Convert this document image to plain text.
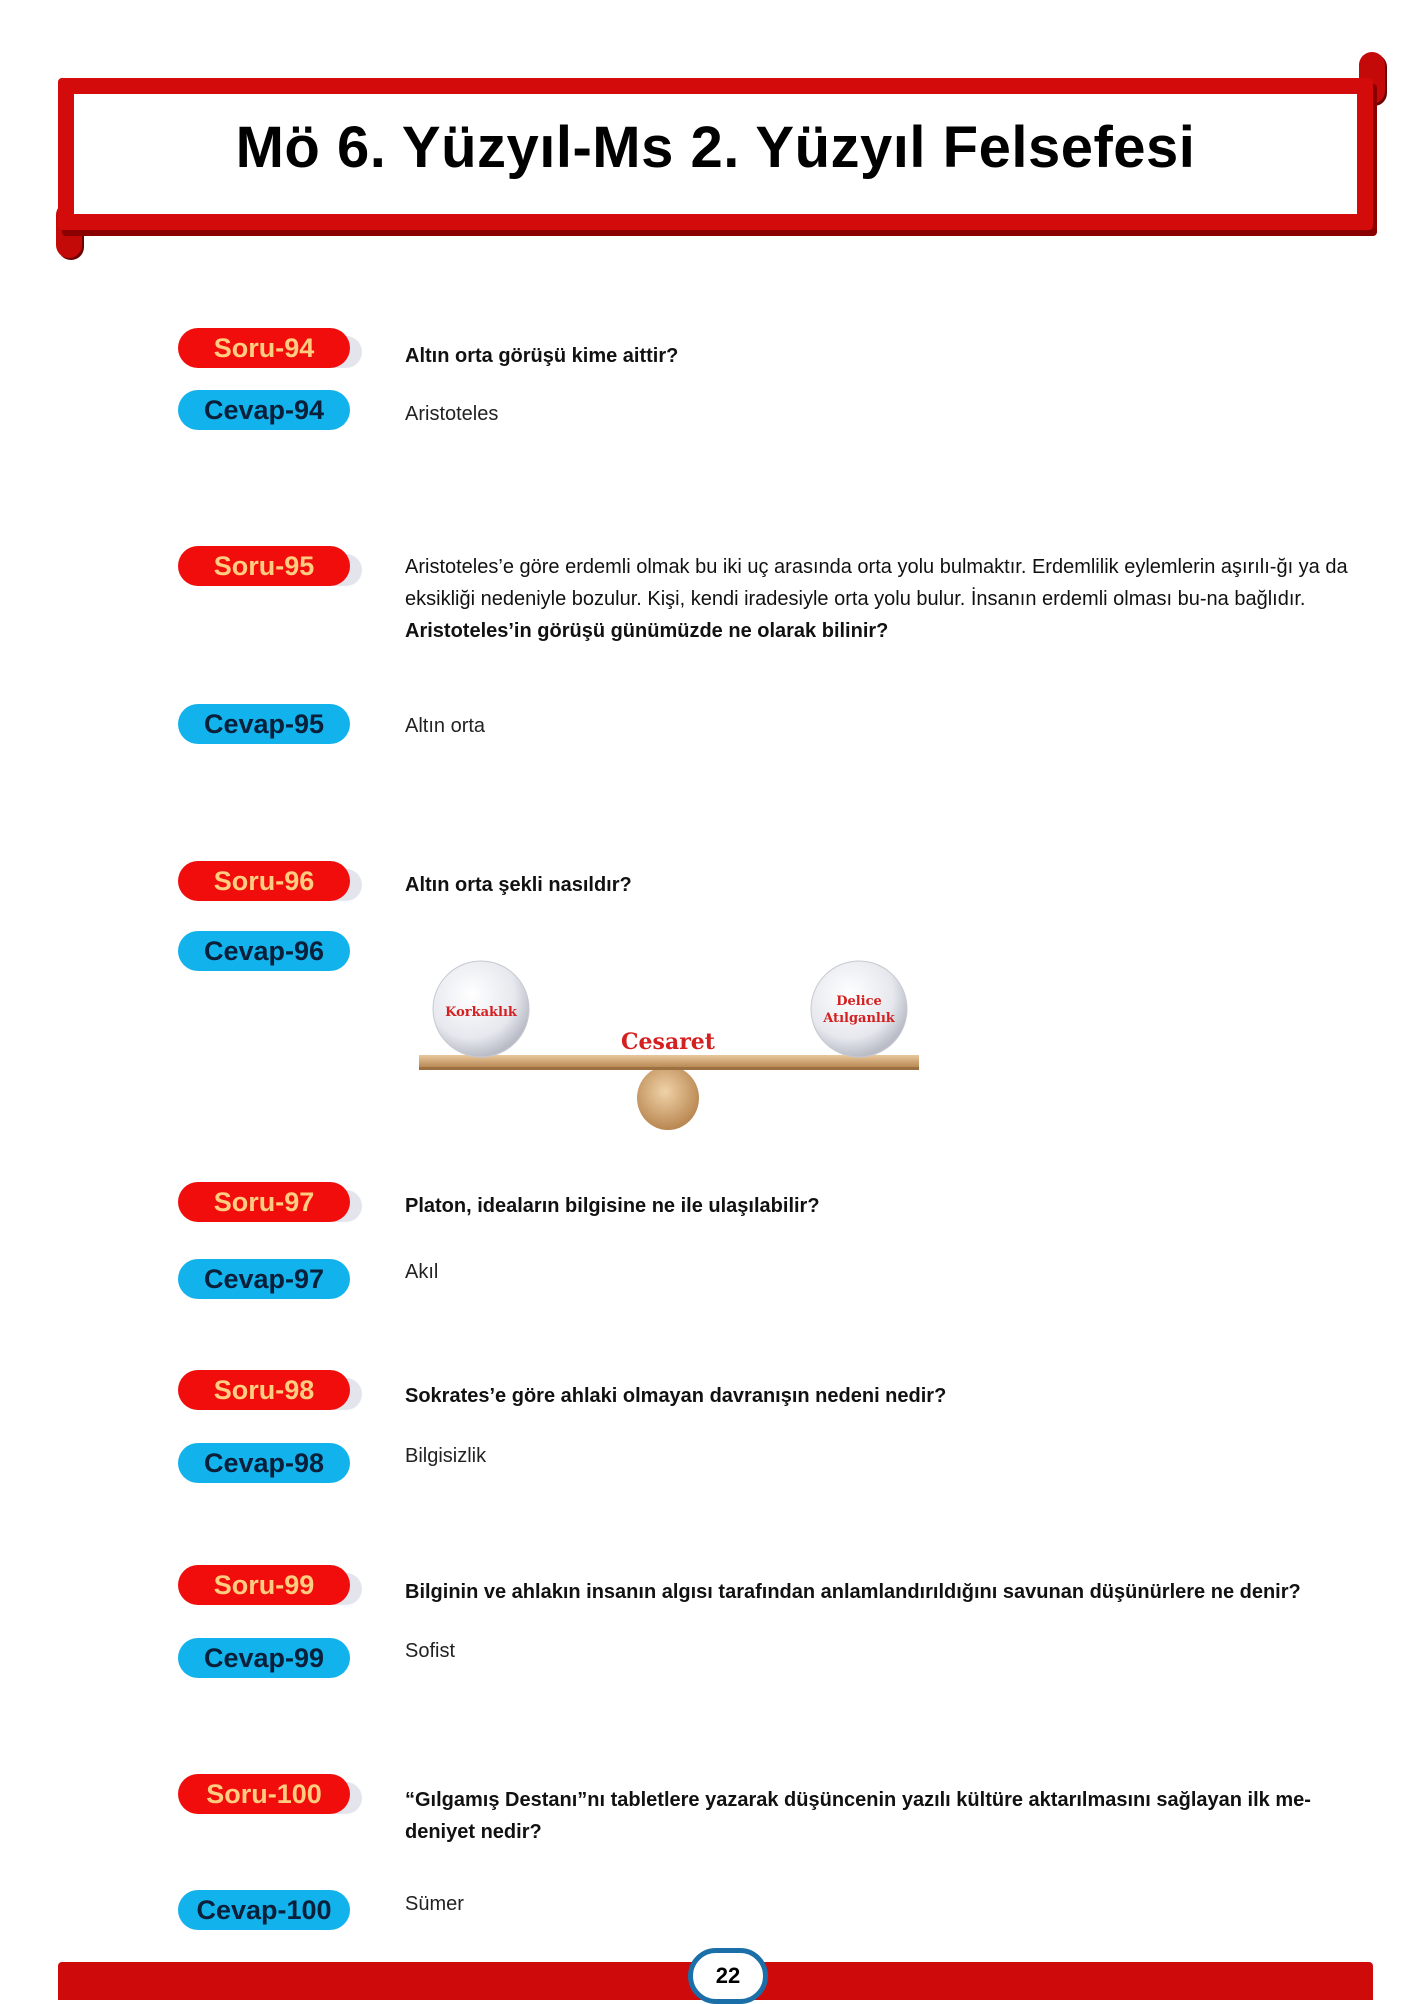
Mö 6. Yüzyıl-Ms 2. Yüzyıl Felsefesi
Soru-94	Altın orta görüşü kime aittir?
Cevap-94	Aristoteles
Soru-95	Aristoteles’e göre erdemli olmak bu iki uç arasında orta yolu bulmaktır. Erdemlilik eylemlerin aşırılı-ğı ya da eksikliği nedeniyle bozulur. Kişi, kendi iradesiyle orta yolu bulur. İnsanın erdemli olması bu-na bağlıdır.
Aristoteles’in görüşü günümüzde ne olarak bilinir?
Cevap-95	Altın orta
Soru-96	Altın orta şekli nasıldır?
Cevap-96
Korkaklık
Delice
Atılganlık
Cesaret
Soru-97	Platon, ideaların bilgisine ne ile ulaşılabilir?
Cevap-97	Akıl
Soru-98	Sokrates’e göre ahlaki olmayan davranışın nedeni nedir?
Cevap-98	Bilgisizlik
Soru-99	Bilginin ve ahlakın insanın algısı tarafından anlamlandırıldığını savunan düşünürlere ne denir?
Cevap-99	Sofist
Soru-100	“Gılgamış Destanı”nı tabletlere yazarak düşüncenin yazılı kültüre aktarılmasını sağlayan ilk me-deniyet nedir?
Cevap-100	Sümer
22
